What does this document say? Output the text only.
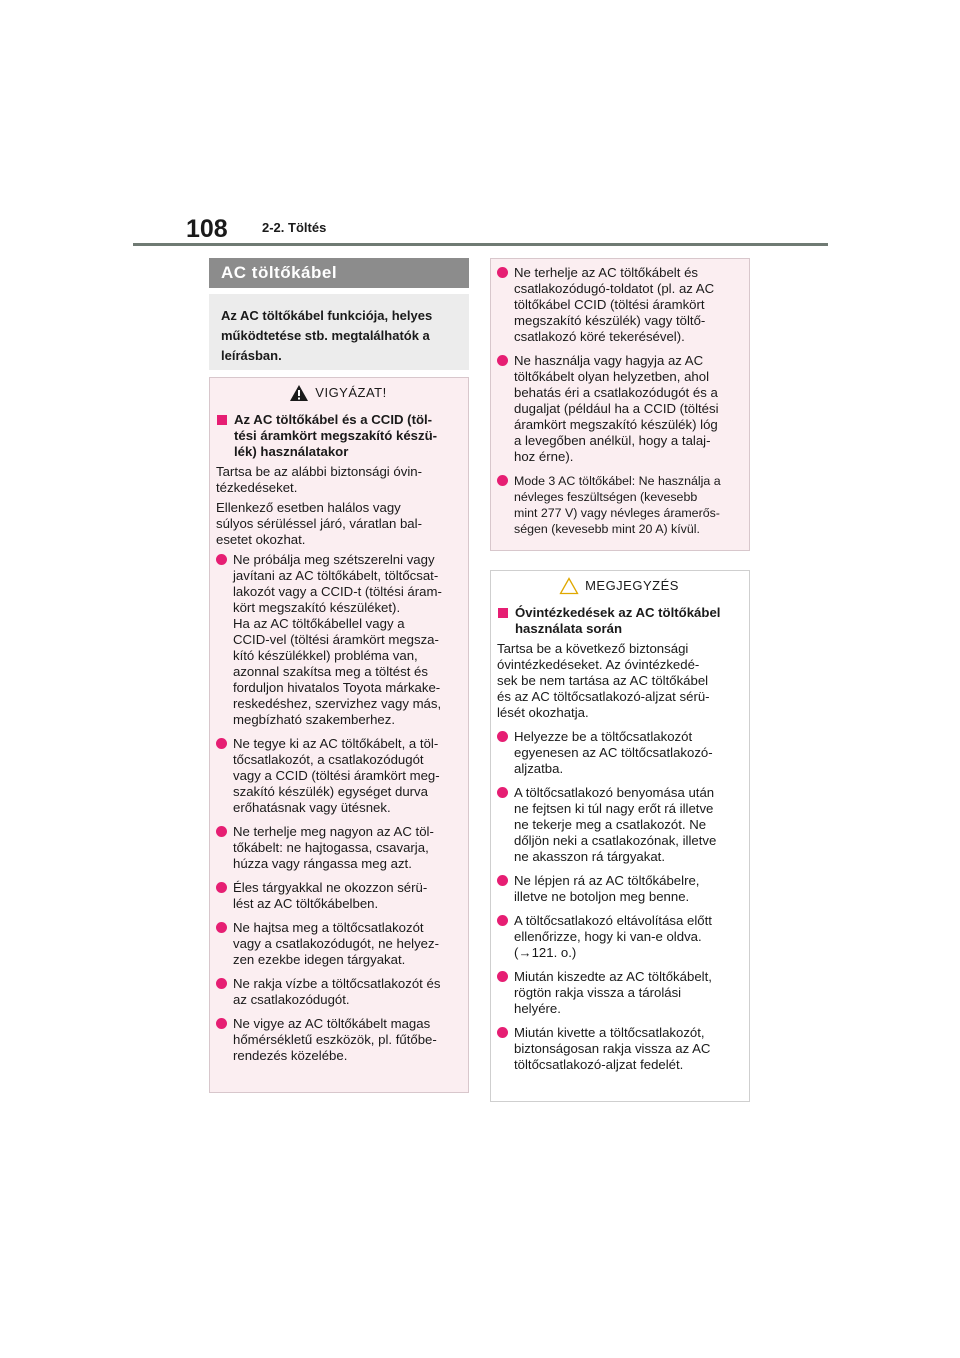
108	2-2. Töltés
AC töltőkábel
Az AC töltőkábel funkciója, helyes működtetése stb. megtalálhatók a leírásban.
VIGYÁZAT!
Az AC töltőkábel és a CCID (töl-
tési áramkört megszakító készü-
lék) használatakor

Tartsa be az alábbi biztonsági óvin-
tézkedéseket.

Ellenkező esetben halálos vagy
súlyos sérüléssel járó, váratlan bal-
esetet okozhat.

Ne próbálja meg szétszerelni vagy
javítani az AC töltőkábelt, töltőcsat-
lakozót vagy a CCID-t (töltési áram-
kört megszakító készüléket).
Ha az AC töltőkábellel vagy a
CCID-vel (töltési áramkört megsza-
kító készülékkel) probléma van,
azonnal szakítsa meg a töltést és
forduljon hivatalos Toyota márkake-
reskedéshez, szervizhez vagy más,
megbízható szakemberhez.
Ne tegye ki az AC töltőkábelt, a töl-
tőcsatlakozót, a csatlakozódugót
vagy a CCID (töltési áramkört meg-
szakító készülék) egységet durva
erőhatásnak vagy ütésnek.
Ne terhelje meg nagyon az AC töl-
tőkábelt: ne hajtogassa, csavarja,
húzza vagy rángassa meg azt.
Éles tárgyakkal ne okozzon sérü-
lést az AC töltőkábelben.
Ne hajtsa meg a töltőcsatlakozót
vagy a csatlakozódugót, ne helyez-
zen ezekbe idegen tárgyakat.
Ne rakja vízbe a töltőcsatlakozót és
az csatlakozódugót.
Ne vigye az AC töltőkábelt magas
hőmérsékletű eszközök, pl. fűtőbe-
rendezés közelébe.
Ne terhelje az AC töltőkábelt és
csatlakozódugó-toldatot (pl. az AC
töltőkábel CCID (töltési áramkört
megszakító készülék) vagy töltő-
csatlakozó köré tekerésével).
Ne használja vagy hagyja az AC
töltőkábelt olyan helyzetben, ahol
behatás éri a csatlakozódugót és a
dugaljat (például ha a CCID (töltési
áramkört megszakító készülék) lóg
a levegőben anélkül, hogy a talaj-
hoz érne).
Mode 3 AC töltőkábel: Ne használja a
névleges feszültségen (kevesebb
mint 277 V) vagy névleges áramerős-
ségen (kevesebb mint 20 A) kívül.
MEGJEGYZÉS
Óvintézkedések az AC töltőkábel
használata során

Tartsa be a következő biztonsági
óvintézkedéseket. Az óvintézkedé-
sek be nem tartása az AC töltőkábel
és az AC töltőcsatlakozó-aljzat sérü-
lését okozhatja.

Helyezze be a töltőcsatlakozót
egyenesen az AC töltőcsatlakozó-
aljzatba.
A töltőcsatlakozó benyomása után
ne fejtsen ki túl nagy erőt rá illetve
ne tekerje meg a csatlakozót. Ne
dőljön neki a csatlakozónak, illetve
ne akasszon rá tárgyakat.
Ne lépjen rá az AC töltőkábelre,
illetve ne botoljon meg benne.
A töltőcsatlakozó eltávolítása előtt
ellenőrizze, hogy ki van-e oldva.
(→121. o.)
Miután kiszedte az AC töltőkábelt,
rögtön rakja vissza a tárolási
helyére.
Miután kivette a töltőcsatlakozót,
biztonságosan rakja vissza az AC
töltőcsatlakozó-aljzat fedelét.
